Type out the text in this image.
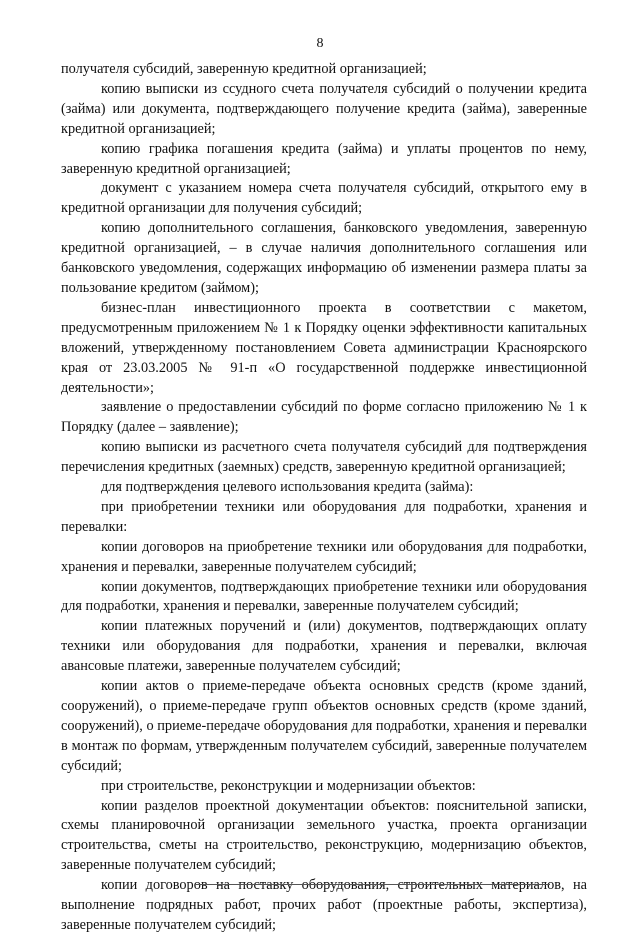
8

получателя субсидий, заверенную кредитной организацией;

копию выписки из ссудного счета получателя субсидий о получении кредита (займа) или документа, подтверждающего получение кредита (займа), заверенные кредитной организацией;

копию графика погашения кредита (займа) и уплаты процентов по нему, заверенную кредитной организацией;

документ с указанием номера счета получателя субсидий, открытого ему в кредитной организации для получения субсидий;

копию дополнительного соглашения, банковского уведомления, заверенную кредитной организацией, – в случае наличия дополнительного соглашения или банковского уведомления, содержащих информацию об изменении размера платы за пользование кредитом (займом);

бизнес-план инвестиционного проекта в соответствии с макетом, предусмотренным приложением № 1 к Порядку оценки эффективности капитальных вложений, утвержденному постановлением Совета администрации Красноярского края от 23.03.2005 № 91-п «О государственной поддержке инвестиционной деятельности»;

заявление о предоставлении субсидий по форме согласно приложению № 1 к Порядку (далее – заявление);

копию выписки из расчетного счета получателя субсидий для подтверждения перечисления кредитных (заемных) средств, заверенную кредитной организацией;

для подтверждения целевого использования кредита (займа):

при приобретении техники или оборудования для подработки, хранения и перевалки:

копии договоров на приобретение техники или оборудования для подработки, хранения и перевалки, заверенные получателем субсидий;

копии документов, подтверждающих приобретение техники или оборудования для подработки, хранения и перевалки, заверенные получателем субсидий;

копии платежных поручений и (или) документов, подтверждающих оплату техники или оборудования для подработки, хранения и перевалки, включая авансовые платежи, заверенные получателем субсидий;

копии актов о приеме-передаче объекта основных средств (кроме зданий, сооружений), о приеме-передаче групп объектов основных средств (кроме зданий, сооружений), о приеме-передаче оборудования для подработки, хранения и перевалки в монтаж по формам, утвержденным получателем субсидий, заверенные получателем субсидий;

при строительстве, реконструкции и модернизации объектов:

копии разделов проектной документации объектов: пояснительной записки, схемы планировочной организации земельного участка, проекта организации строительства, сметы на строительство, реконструкцию, модернизацию объектов, заверенные получателем субсидий;

копии договоров на поставку оборудования, строительных материалов, на выполнение подрядных работ, прочих работ (проектные работы, экспертиза), заверенные получателем субсидий;
